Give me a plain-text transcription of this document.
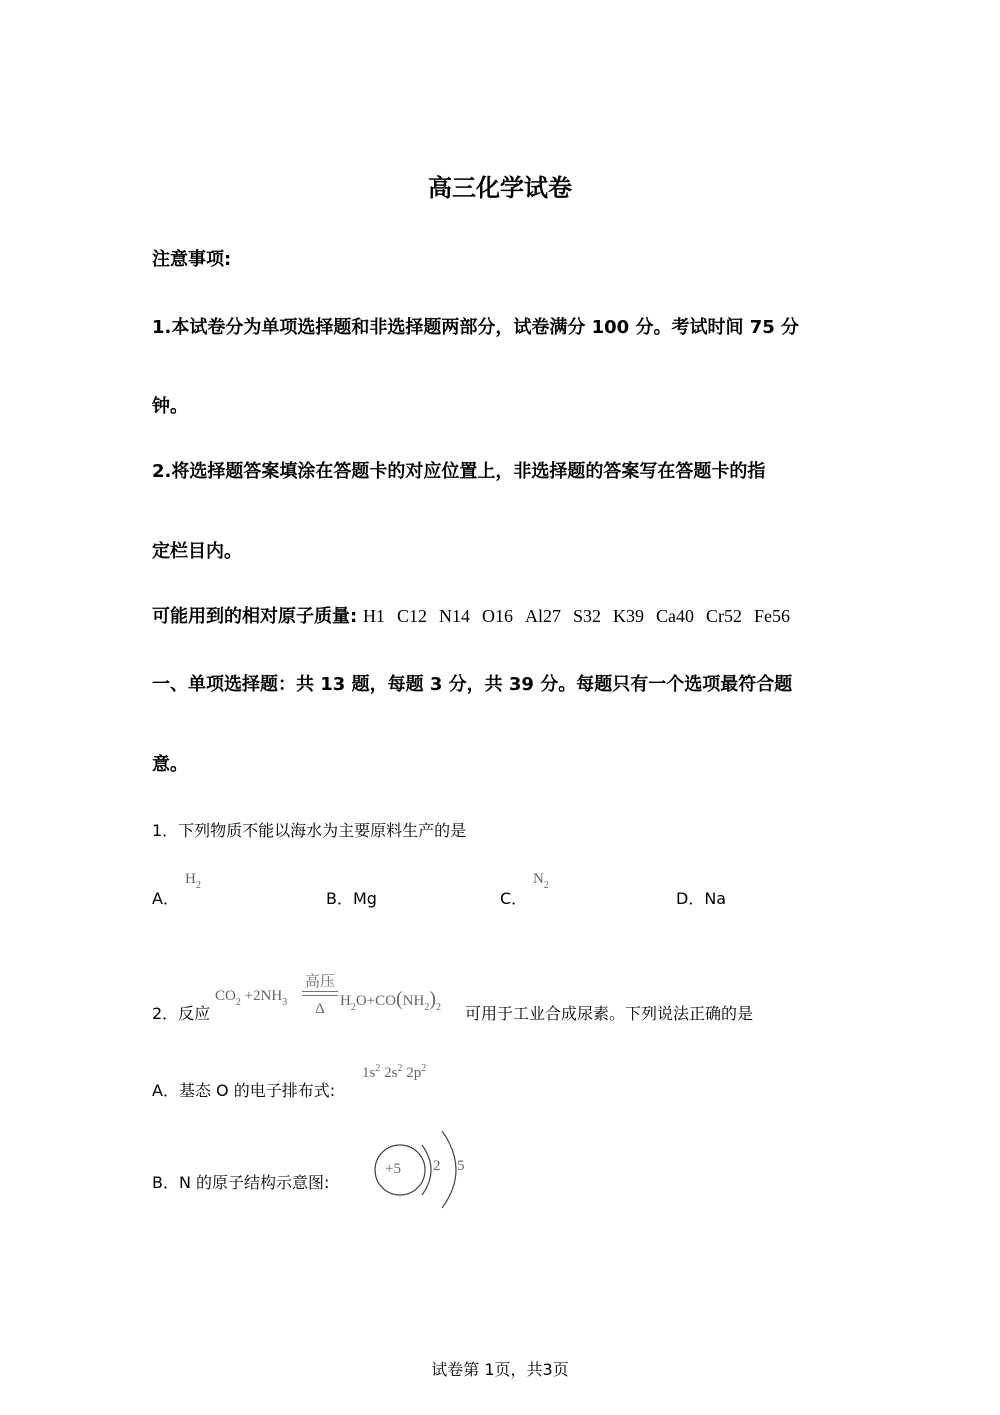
高三化学试卷
注意事项:
1.本试卷分为单项选择题和非选择题两部分，试卷满分 100 分。考试时间 75 分
钟。
2.将选择题答案填涂在答题卡的对应位置上，非选择题的答案写在答题卡的指
定栏目内。
可能用到的相对原子质量: H1 C12 N14 O16 Al27 S32 K39 Ca40 Cr52 Fe56
一、单项选择题：共 13 题，每题 3 分，共 39 分。每题只有一个选项最符合题
意。
1．下列物质不能以海水为主要原料生产的是
A．
$H_2$
B．Mg	C．
$N_2$
D．Na
2．反应
$CO_2 +2NH_3$
高压
Δ	$H_2O+CO(NH_2)_2$ 可用于工业合成尿素。下列说法正确的是
A．基态 O 的电子排布式:
$1s^2$ $2s^2$ $2p^2$
B．N 的原子结构示意图:
+5 2 5
试卷第 1页，共3页
